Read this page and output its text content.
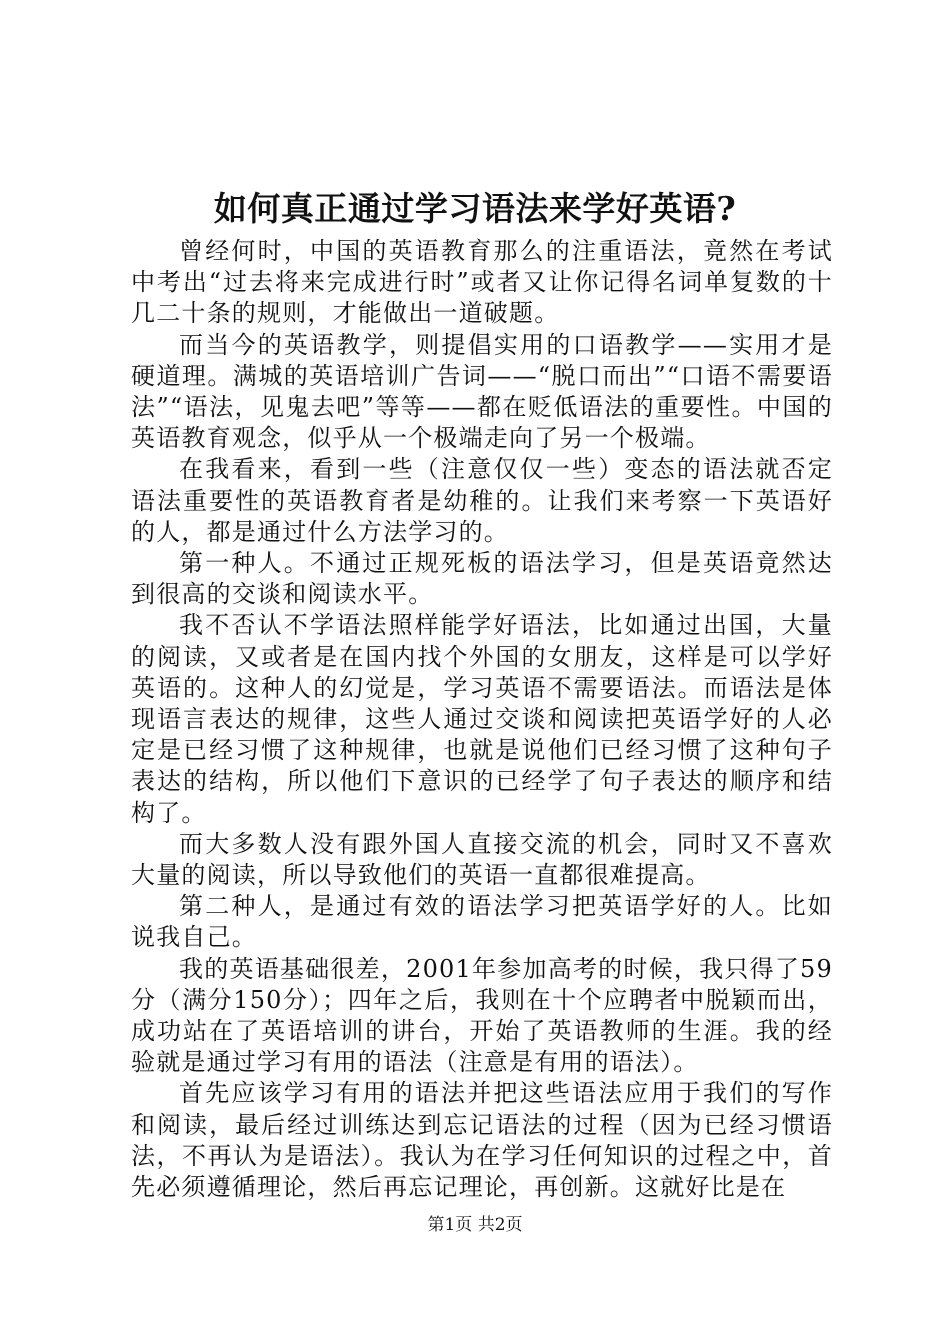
如何真正通过学习语法来学好英语?

曾经何时，中国的英语教育那么的注重语法，竟然在考试中考出“过去将来完成进行时”或者又让你记得名词单复数的十几二十条的规则，才能做出一道破题。

而当今的英语教学，则提倡实用的口语教学——实用才是硬道理。满城的英语培训广告词——“脱口而出”“口语不需要语法”“语法，见鬼去吧”等等——都在贬低语法的重要性。中国的英语教育观念，似乎从一个极端走向了另一个极端。

在我看来，看到一些（注意仅仅一些）变态的语法就否定语法重要性的英语教育者是幼稚的。让我们来考察一下英语好的人，都是通过什么方法学习的。

第一种人。不通过正规死板的语法学习，但是英语竟然达到很高的交谈和阅读水平。

我不否认不学语法照样能学好语法，比如通过出国，大量的阅读，又或者是在国内找个外国的女朋友，这样是可以学好英语的。这种人的幻觉是，学习英语不需要语法。而语法是体现语言表达的规律，这些人通过交谈和阅读把英语学好的人必定是已经习惯了这种规律，也就是说他们已经习惯了这种句子表达的结构，所以他们下意识的已经学了句子表达的顺序和结构了。

而大多数人没有跟外国人直接交流的机会，同时又不喜欢大量的阅读，所以导致他们的英语一直都很难提高。

第二种人，是通过有效的语法学习把英语学好的人。比如说我自己。

我的英语基础很差，2001年参加高考的时候，我只得了59分（满分150分）；四年之后，我则在十个应聘者中脱颖而出，成功站在了英语培训的讲台，开始了英语教师的生涯。我的经验就是通过学习有用的语法（注意是有用的语法）。

首先应该学习有用的语法并把这些语法应用于我们的写作和阅读，最后经过训练达到忘记语法的过程（因为已经习惯语法，不再认为是语法）。我认为在学习任何知识的过程之中，首先必须遵循理论，然后再忘记理论，再创新。这就好比是在

第1页 共2页
